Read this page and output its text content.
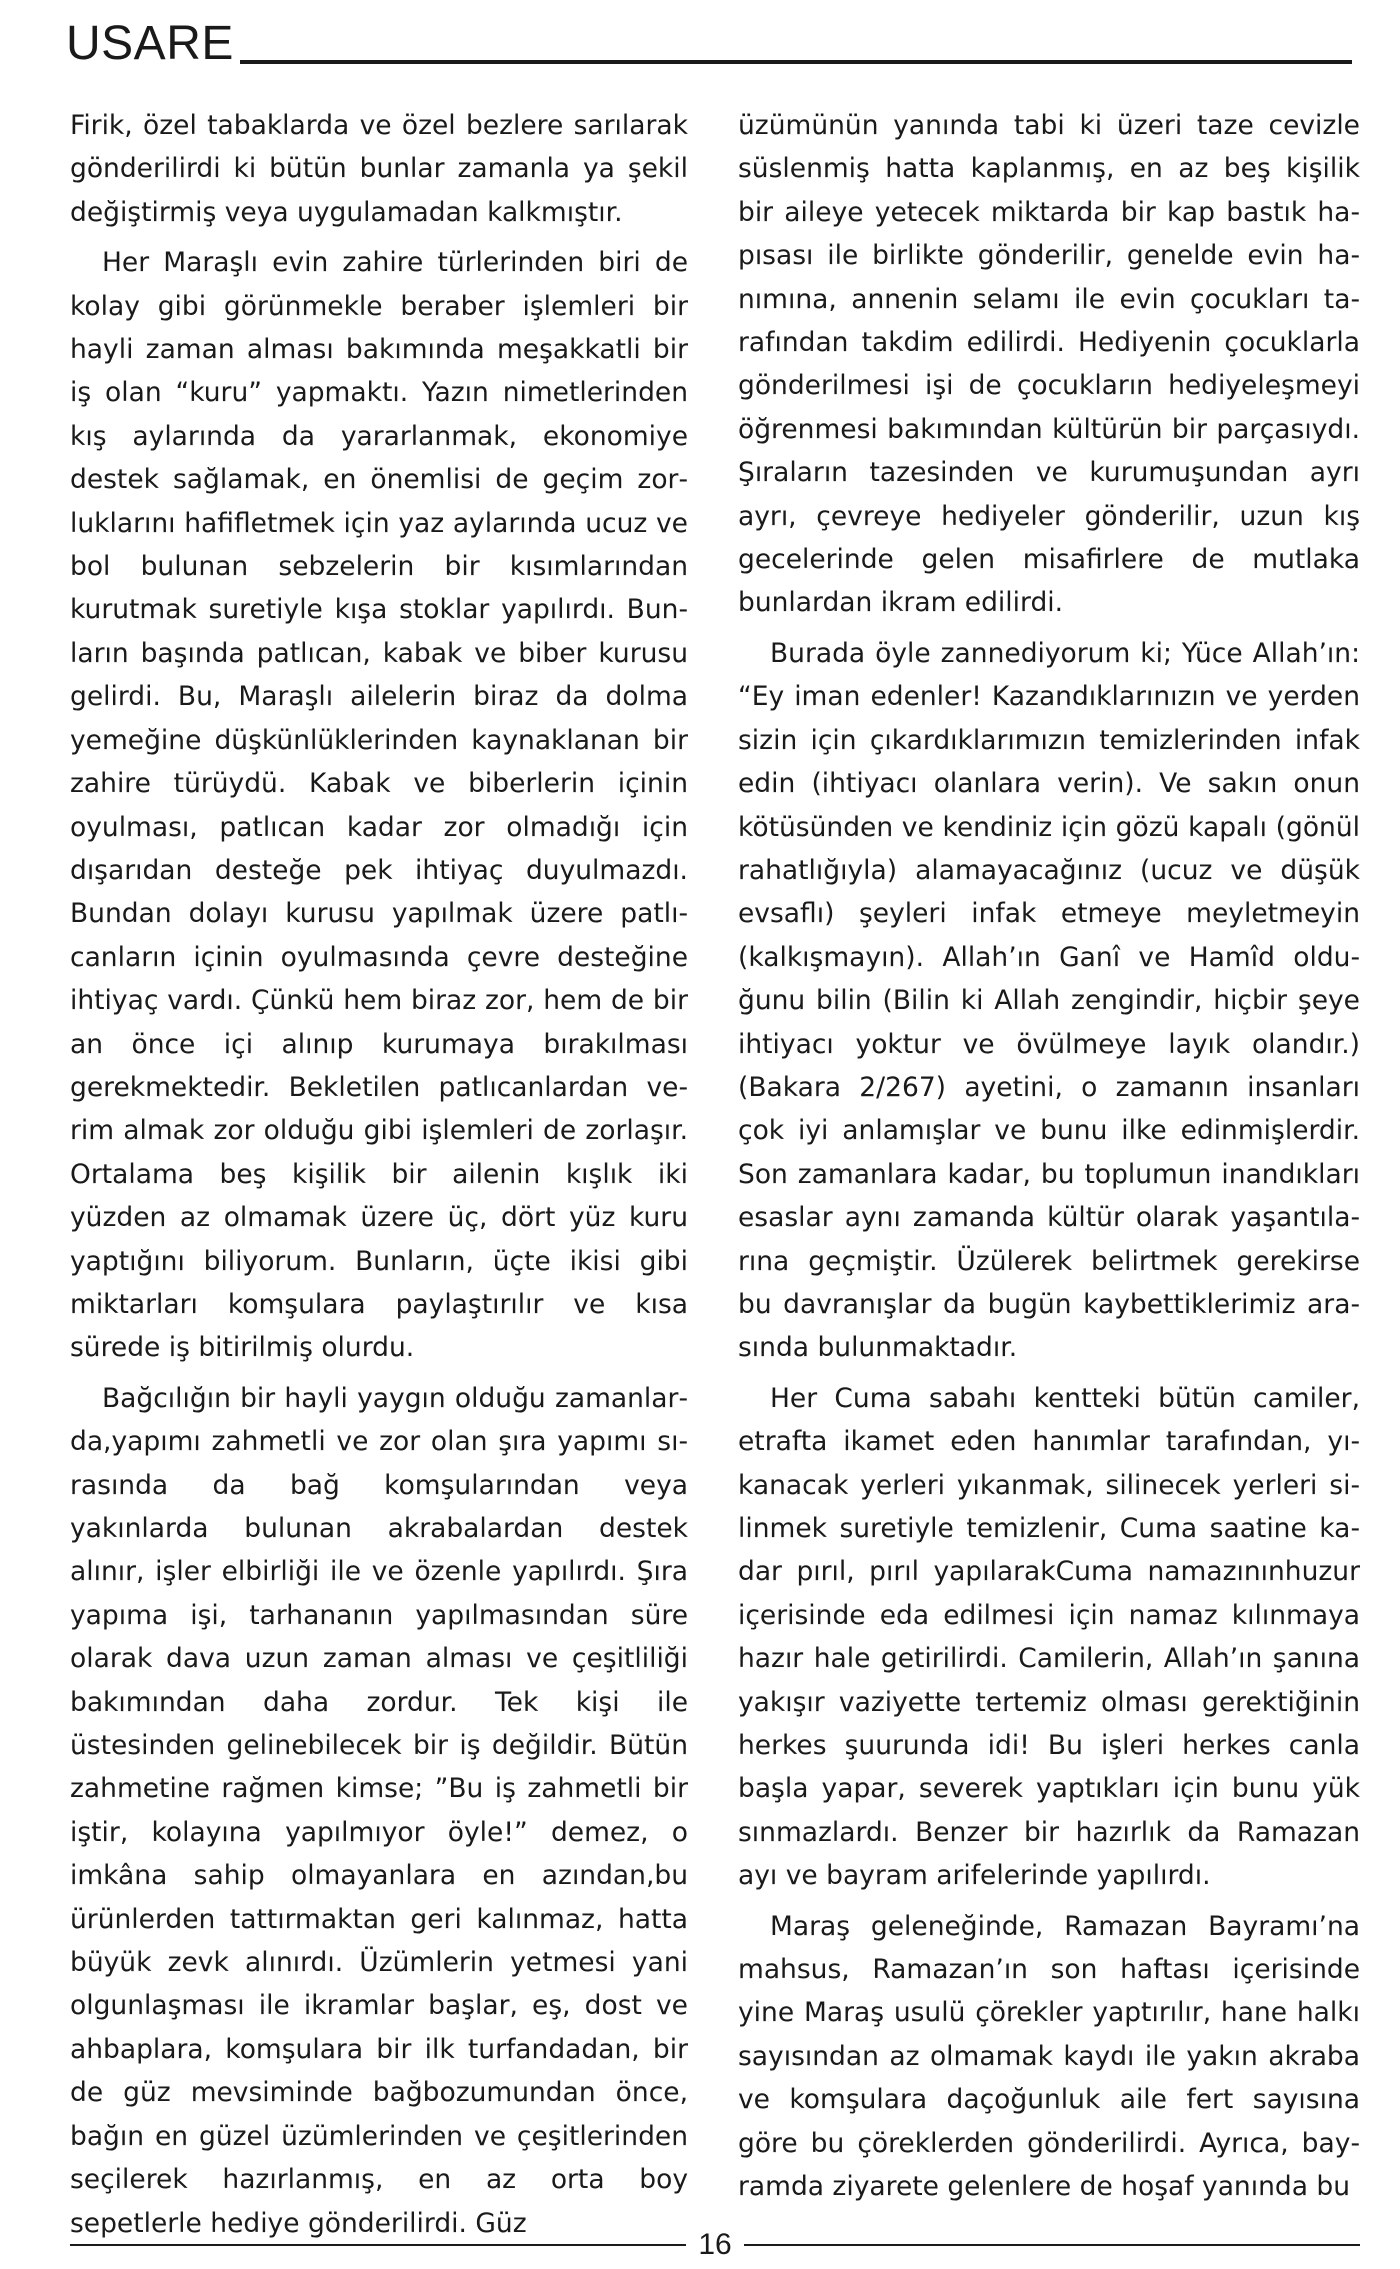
USARE

Firik, özel tabaklarda ve özel bezlere sarılarak gönderilirdi ki bütün bunlar zamanla ya şekil değiştirmiş veya uygulamadan kalkmıştır.

Her Maraşlı evin zahire türlerinden biri de kolay gibi görünmekle beraber işlemleri bir hayli zaman alması bakımında meşakkatli bir iş olan “kuru” yapmaktı. Yazın nimetlerinden kış aylarında da yararlanmak, ekonomiye destek sağlamak, en önemlisi de geçim zorluklarını hafifletmek için yaz aylarında ucuz ve bol bulunan sebzelerin bir kısımlarından kurutmak suretiyle kışa stoklar yapılırdı. Bunların başında patlıcan, kabak ve biber kurusu gelirdi. Bu, Maraşlı ailelerin biraz da dolma yemeğine düşkünlüklerinden kaynaklanan bir zahire türüydü. Kabak ve biberlerin içinin oyulması, patlıcan kadar zor olmadığı için dışarıdan desteğe pek ihtiyaç duyulmazdı. Bundan dolayı kurusu yapılmak üzere patlıcanların içinin oyulmasında çevre desteğine ihtiyaç vardı. Çünkü hem biraz zor, hem de bir an önce içi alınıp kurumaya bırakılması gerekmektedir. Bekletilen patlıcanlardan verim almak zor olduğu gibi işlemleri de zorlaşır. Ortalama beş kişilik bir ailenin kışlık iki yüzden az olmamak üzere üç, dört yüz kuru yaptığını biliyorum. Bunların, üçte ikisi gibi miktarları komşulara paylaştırılır ve kısa sürede iş bitirilmiş olurdu.

Bağcılığın bir hayli yaygın olduğu zamanlarda,yapımı zahmetli ve zor olan şıra yapımı sırasında da bağ komşularından veya yakınlarda bulunan akrabalardan destek alınır, işler elbirliği ile ve özenle yapılırdı. Şıra yapıma işi, tarhananın yapılmasından süre olarak dava uzun zaman alması ve çeşitliliği bakımından daha zordur. Tek kişi ile üstesinden gelinebilecek bir iş değildir. Bütün zahmetine rağmen kimse; ”Bu iş zahmetli bir iştir, kolayına yapılmıyor öyle!” demez, o imkâna sahip olmayanlara en azından,bu ürünlerden tattırmaktan geri kalınmaz, hatta büyük zevk alınırdı. Üzümlerin yetmesi yani olgunlaşması ile ikramlar başlar, eş, dost ve ahbaplara, komşulara bir ilk turfandadan, bir de güz mevsiminde bağbozumundan önce, bağın en güzel üzümlerinden ve çeşitlerinden seçilerek hazırlanmış, en az orta boy sepetlerle hediye gönderilirdi. Güz

üzümünün yanında tabi ki üzeri taze cevizle süslenmiş hatta kaplanmış, en az beş kişilik bir aileye yetecek miktarda bir kap bastık hapısası ile birlikte gönderilir, genelde evin hanımına, annenin selamı ile evin çocukları tarafından takdim edilirdi. Hediyenin çocuklarla gönderilmesi işi de çocukların hediyeleşmeyi öğrenmesi bakımından kültürün bir parçasıydı. Şıraların tazesinden ve kurumuşundan ayrı ayrı, çevreye hediyeler gönderilir, uzun kış gecelerinde gelen misafirlere de mutlaka bunlardan ikram edilirdi.

Burada öyle zannediyorum ki; Yüce Allah’ın: “Ey iman edenler! Kazandıklarınızın ve yerden sizin için çıkardıklarımızın temizlerinden infak edin (ihtiyacı olanlara verin). Ve sakın onun kötüsünden ve kendiniz için gözü kapalı (gönül rahatlığıyla) alamayacağınız (ucuz ve düşük evsaflı) şeyleri infak etmeye meyletmeyin (kalkışmayın). Allah’ın Ganî ve Hamîd olduğunu bilin (Bilin ki Allah zengindir, hiçbir şeye ihtiyacı yoktur ve övülmeye layık olandır.) (Bakara 2/267) ayetini, o zamanın insanları çok iyi anlamışlar ve bunu ilke edinmişlerdir. Son zamanlara kadar, bu toplumun inandıkları esaslar aynı zamanda kültür olarak yaşantılarına geçmiştir. Üzülerek belirtmek gerekirse bu davranışlar da bugün kaybettiklerimiz arasında bulunmaktadır.

Her Cuma sabahı kentteki bütün camiler, etrafta ikamet eden hanımlar tarafından, yıkanacak yerleri yıkanmak, silinecek yerleri silinmek suretiyle temizlenir, Cuma saatine kadar pırıl, pırıl yapılarakCuma namazınınhuzur içerisinde eda edilmesi için namaz kılınmaya hazır hale getirilirdi. Camilerin, Allah’ın şanına yakışır vaziyette tertemiz olması gerektiğinin herkes şuurunda idi! Bu işleri herkes canla başla yapar, severek yaptıkları için bunu yük sınmazlardı. Benzer bir hazırlık da Ramazan ayı ve bayram arifelerinde yapılırdı.

Maraş geleneğinde, Ramazan Bayramı’na mahsus, Ramazan’ın son haftası içerisinde yine Maraş usulü çörekler yaptırılır, hane halkı sayısından az olmamak kaydı ile yakın akraba ve komşulara daçoğunluk aile fert sayısına göre bu çöreklerden gönderilirdi. Ayrıca, bayramda ziyarete gelenlere de hoşaf yanında bu

16
